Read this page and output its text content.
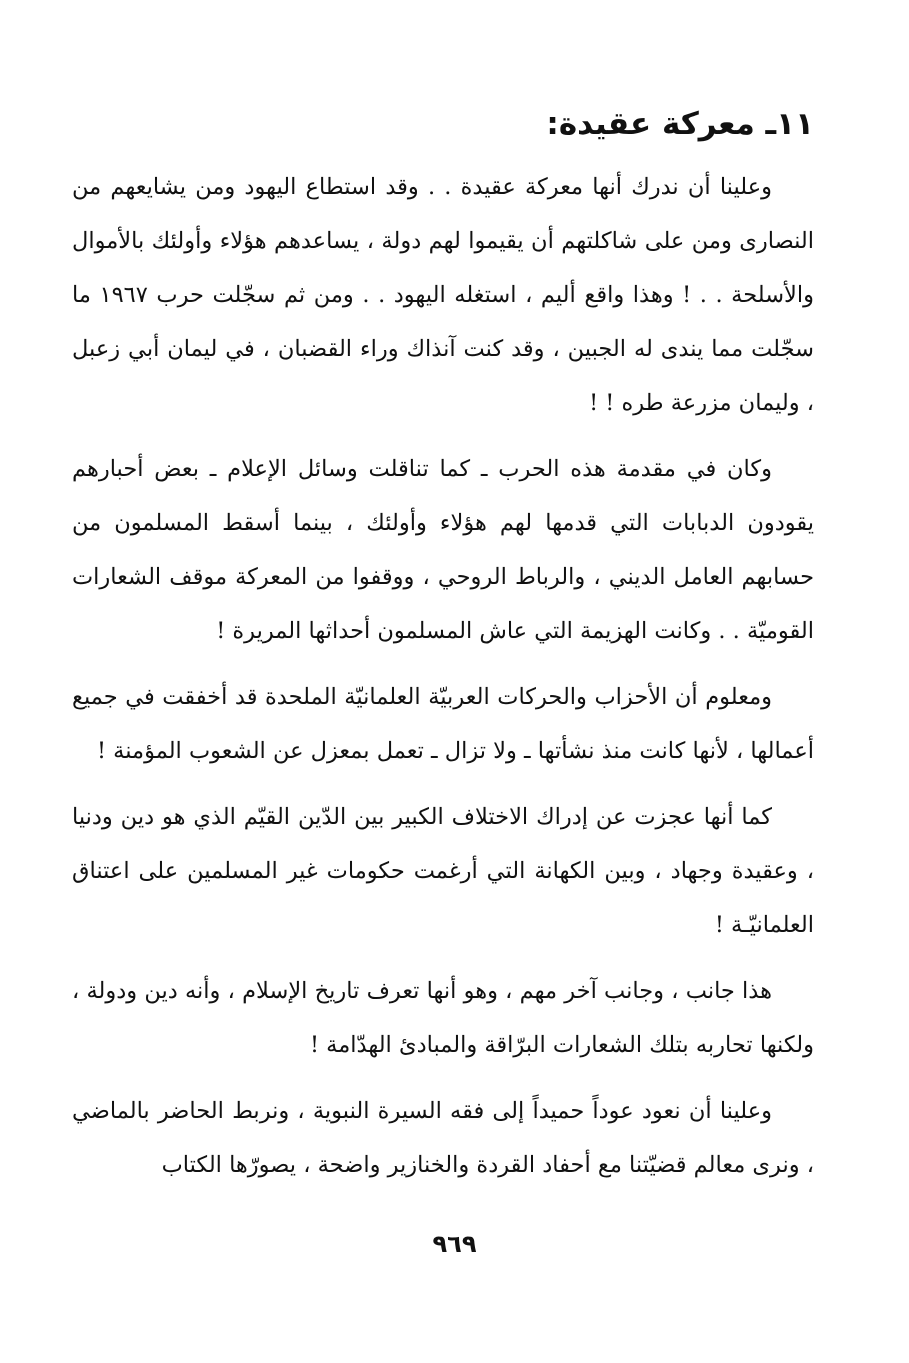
١١ـ معركة عقيدة:

وعلينا أن ندرك أنها معركة عقيدة . . وقد استطاع اليهود ومن يشايعهم من النصارى ومن على شاكلتهم أن يقيموا لهم دولة ، يساعدهم هؤلاء وأولئك بالأموال والأسلحة . . ! وهذا واقع أليم ، استغله اليهود . . ومن ثم سجّلت حرب ١٩٦٧ ما سجّلت مما يندى له الجبين ، وقد كنت آنذاك وراء القضبان ، في ليمان أبي زعبل ، وليمان مزرعة طره ! !

وكان في مقدمة هذه الحرب ـ كما تناقلت وسائل الإعلام ـ بعض أحبارهم يقودون الدبابات التي قدمها لهم هؤلاء وأولئك ، بينما أسقط المسلمون من حسابهم العامل الديني ، والرباط الروحي ، ووقفوا من المعركة موقف الشعارات القوميّة . . وكانت الهزيمة التي عاش المسلمون أحداثها المريرة !

ومعلوم أن الأحزاب والحركات العربيّة العلمانيّة الملحدة قد أخفقت في جميع أعمالها ، لأنها كانت منذ نشأتها ـ ولا تزال ـ تعمل بمعزل عن الشعوب المؤمنة !

كما أنها عجزت عن إدراك الاختلاف الكبير بين الدّين القيّم الذي هو دين ودنيا ، وعقيدة وجهاد ، وبين الكهانة التي أرغمت حكومات غير المسلمين على اعتناق العلمانيّـة !

هذا جانب ، وجانب آخر مهم ، وهو أنها تعرف تاريخ الإسلام ، وأنه دين ودولة ، ولكنها تحاربه بتلك الشعارات البرّاقة والمبادئ الهدّامة !

وعلينا أن نعود عوداً حميداً إلى فقه السيرة النبوية ، ونربط الحاضر بالماضي ، ونرى معالم قضيّتنا مع أحفاد القردة والخنازير واضحة ، يصورّها الكتاب

٩٦٩
